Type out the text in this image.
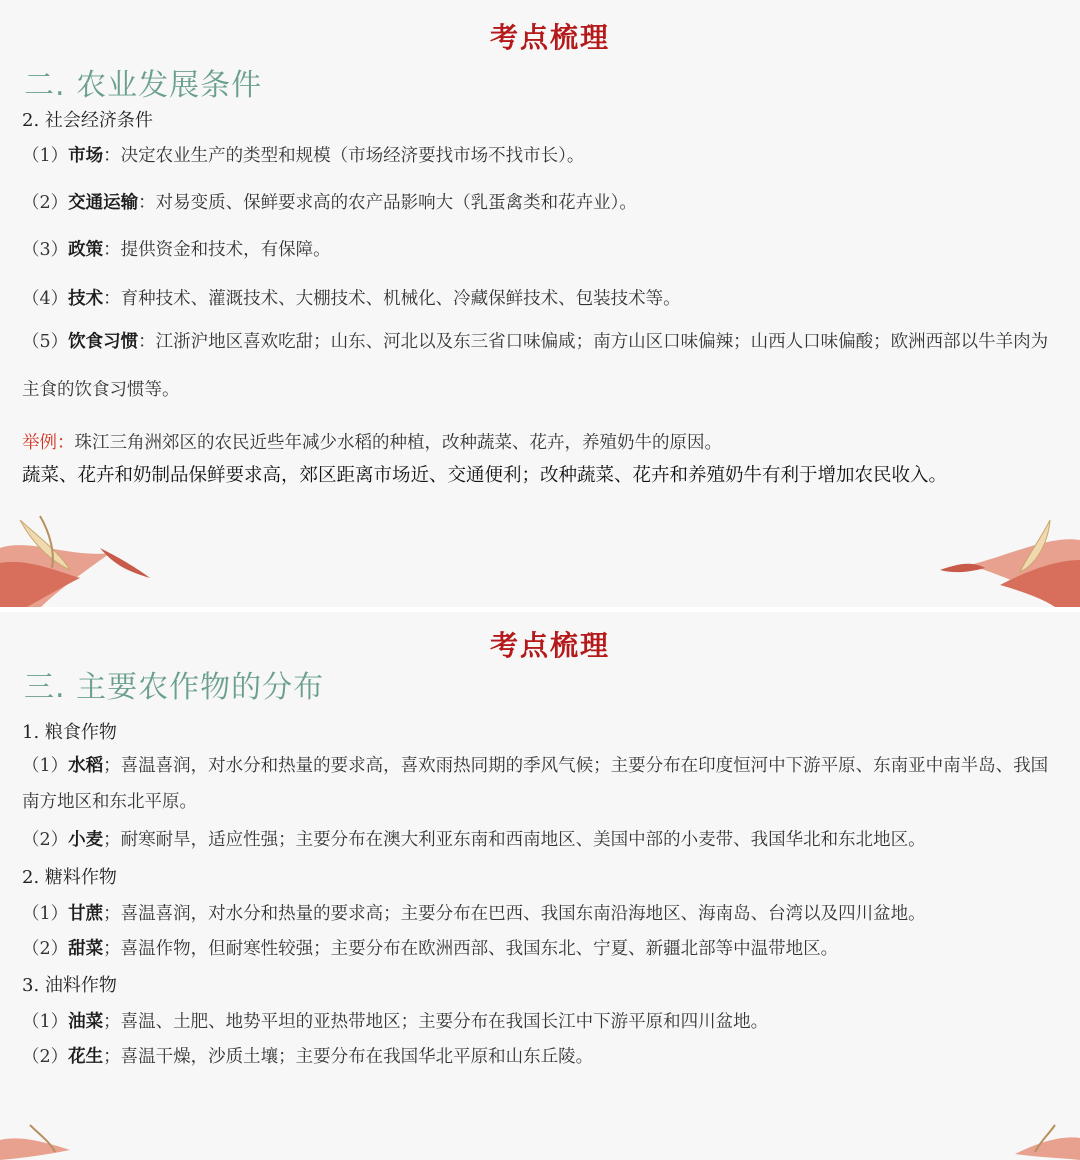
考点梳理
二. 农业发展条件
2. 社会经济条件
（1）市场：决定农业生产的类型和规模（市场经济要找市场不找市长）。
（2）交通运输：对易变质、保鲜要求高的农产品影响大（乳蛋禽类和花卉业）。
（3）政策：提供资金和技术，有保障。
（4）技术：育种技术、灌溉技术、大棚技术、机械化、冷藏保鲜技术、包装技术等。
（5）饮食习惯：江浙沪地区喜欢吃甜；山东、河北以及东三省口味偏咸；南方山区口味偏辣；山西人口味偏酸；欧洲西部以牛羊肉为主食的饮食习惯等。
举例：珠江三角洲郊区的农民近些年减少水稻的种植，改种蔬菜、花卉，养殖奶牛的原因。
蔬菜、花卉和奶制品保鲜要求高，郊区距离市场近、交通便利；改种蔬菜、花卉和养殖奶牛有利于增加农民收入。
考点梳理
三. 主要农作物的分布
1. 粮食作物
（1）水稻；喜温喜润，对水分和热量的要求高，喜欢雨热同期的季风气候；主要分布在印度恒河中下游平原、东南亚中南半岛、我国南方地区和东北平原。
（2）小麦；耐寒耐旱，适应性强；主要分布在澳大利亚东南和西南地区、美国中部的小麦带、我国华北和东北地区。
2. 糖料作物
（1）甘蔗；喜温喜润，对水分和热量的要求高；主要分布在巴西、我国东南沿海地区、海南岛、台湾以及四川盆地。
（2）甜菜；喜温作物，但耐寒性较强；主要分布在欧洲西部、我国东北、宁夏、新疆北部等中温带地区。
3. 油料作物
（1）油菜；喜温、土肥、地势平坦的亚热带地区；主要分布在我国长江中下游平原和四川盆地。
（2）花生；喜温干燥，沙质土壤；主要分布在我国华北平原和山东丘陵。
